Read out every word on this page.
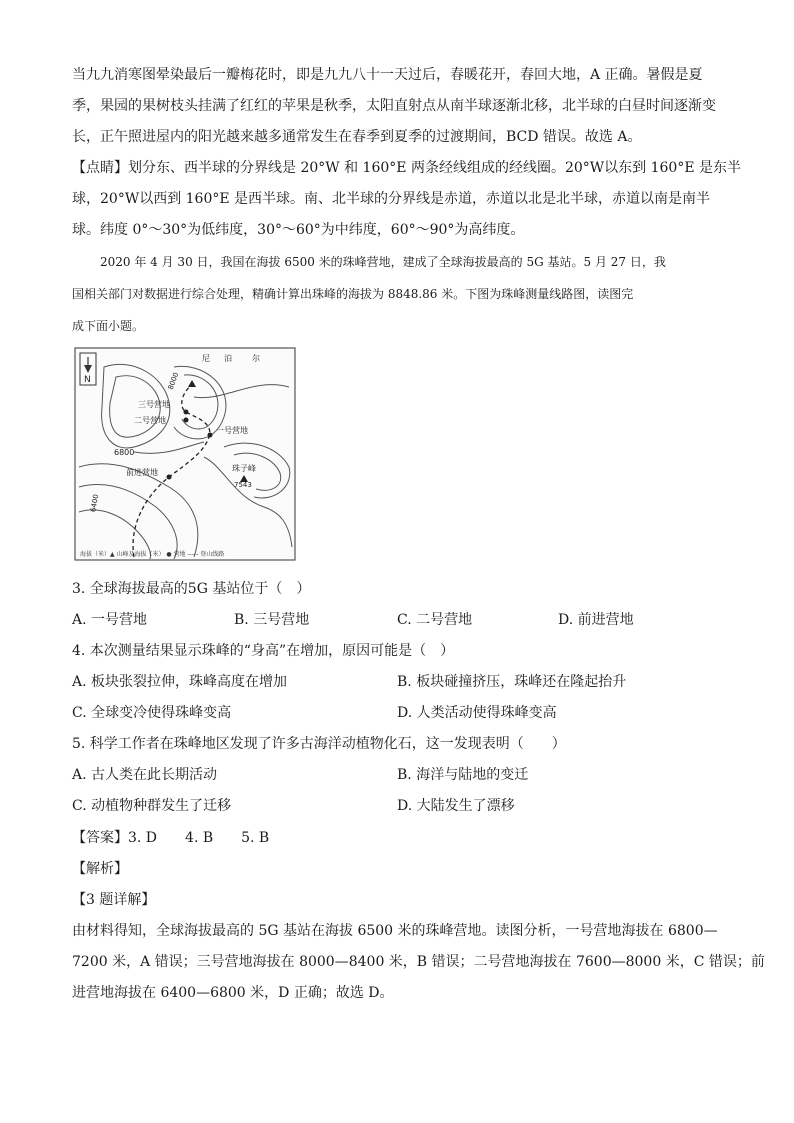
当九九消寒图晕染最后一瓣梅花时，即是九九八十一天过后，春暖花开，春回大地，A 正确。暑假是夏
季，果园的果树枝头挂满了红红的苹果是秋季，太阳直射点从南半球逐渐北移，北半球的白昼时间逐渐变
长，正午照进屋内的阳光越来越多通常发生在春季到夏季的过渡期间，BCD 错误。故选 A。
【点睛】划分东、西半球的分界线是 20°W 和 160°E 两条经线组成的经线圈。20°W以东到 160°E 是东半
球，20°W以西到 160°E 是西半球。南、北半球的分界线是赤道，赤道以北是北半球，赤道以南是南半
球。纬度 0°～30°为低纬度，30°～60°为中纬度，60°～90°为高纬度。
2020 年 4 月 30 日，我国在海拔 6500 米的珠峰营地，建成了全球海拔最高的 5G 基站。5 月 27 日，我
国相关部门对数据进行综合处理，精确计算出珠峰的海拔为 8848.86 米。下图为珠峰测量线路图，读图完
成下面小题。
N
尼 泊	尔
三号营地
二号营地
一号营地
前进营地	珠子峰
7543
6800
6400
8000
海拔（米）▲ 山峰及海拔（米） ● 营地 ----- 登山线路
3. 全球海拔最高的5G 基站位于（　）
A. 一号营地	B. 三号营地	C. 二号营地	D. 前进营地
4. 本次测量结果显示珠峰的“身高”在增加，原因可能是（　）
A. 板块张裂拉伸，珠峰高度在增加	B. 板块碰撞挤压，珠峰还在隆起抬升
C. 全球变冷使得珠峰变高	D. 人类活动使得珠峰变高
5. 科学工作者在珠峰地区发现了许多古海洋动植物化石，这一发现表明（　　）
A. 古人类在此长期活动	B. 海洋与陆地的变迁
C. 动植物种群发生了迁移	D. 大陆发生了漂移
【答案】3. D　　4. B　　5. B
【解析】
【3 题详解】
由材料得知，全球海拔最高的 5G 基站在海拔 6500 米的珠峰营地。读图分析，一号营地海拔在 6800—
7200 米，A 错误；三号营地海拔在 8000—8400 米，B 错误；二号营地海拔在 7600—8000 米，C 错误；前
进营地海拔在 6400—6800 米，D 正确；故选 D。
